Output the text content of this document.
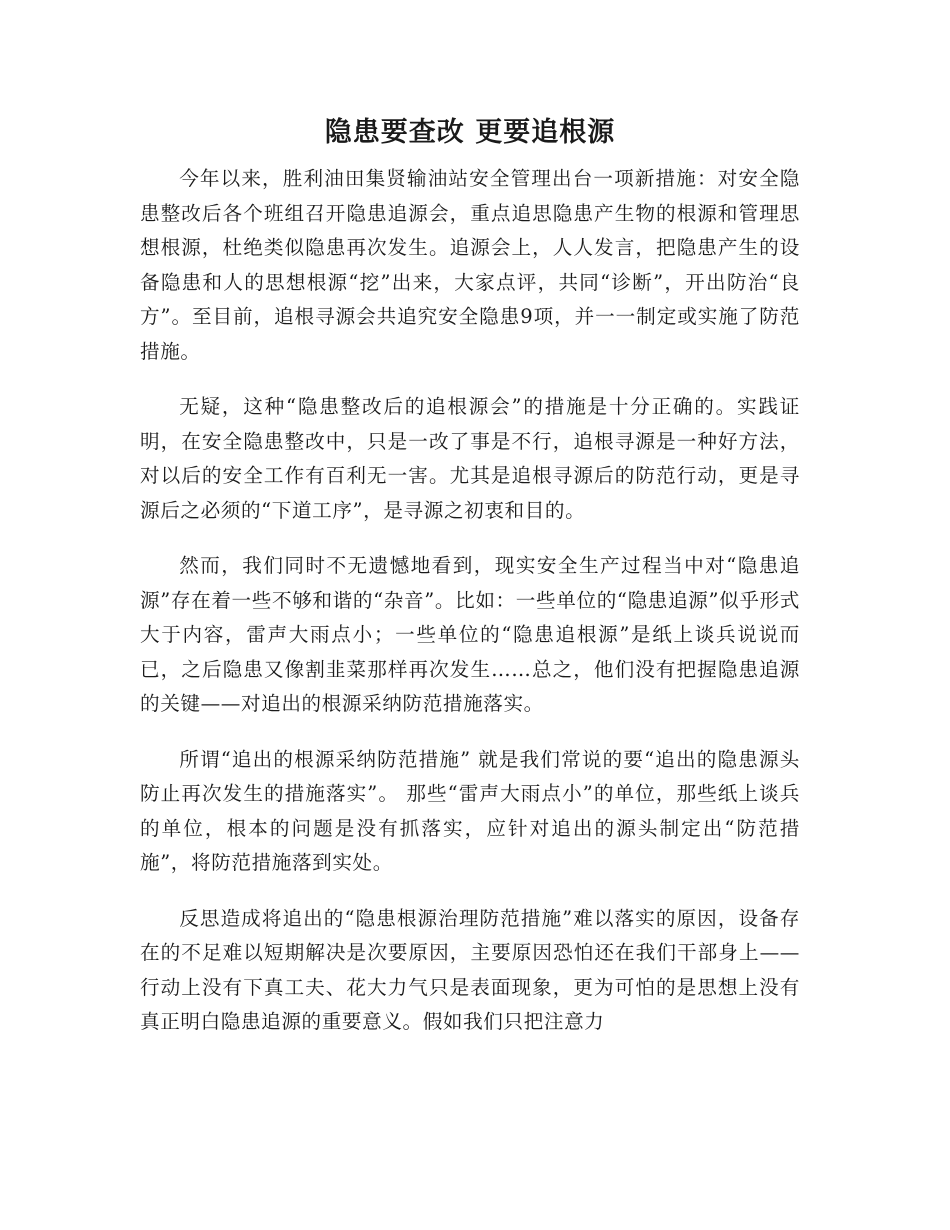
隐患要查改 更要追根源

今年以来，胜利油田集贤输油站安全管理出台一项新措施：对安全隐患整改后各个班组召开隐患追源会，重点追思隐患产生物的根源和管理思想根源，杜绝类似隐患再次发生。追源会上，人人发言，把隐患产生的设备隐患和人的思想根源“挖”出来，大家点评，共同“诊断”，开出防治“良方”。至目前，追根寻源会共追究安全隐患9项，并一一制定或实施了防范措施。

无疑，这种“隐患整改后的追根源会”的措施是十分正确的。实践证明，在安全隐患整改中，只是一改了事是不行，追根寻源是一种好方法，对以后的安全工作有百利无一害。尤其是追根寻源后的防范行动，更是寻源后之必须的“下道工序”，是寻源之初衷和目的。

然而，我们同时不无遗憾地看到，现实安全生产过程当中对“隐患追源”存在着一些不够和谐的“杂音”。比如：一些单位的“隐患追源”似乎形式大于内容，雷声大雨点小；一些单位的“隐患追根源”是纸上谈兵说说而已，之后隐患又像割韭菜那样再次发生……总之，他们没有把握隐患追源的关键——对追出的根源采纳防范措施落实。

所谓“追出的根源采纳防范措施” 就是我们常说的要“追出的隐患源头防止再次发生的措施落实”。 那些“雷声大雨点小”的单位，那些纸上谈兵的单位，根本的问题是没有抓落实，应针对追出的源头制定出“防范措施”，将防范措施落到实处。

反思造成将追出的“隐患根源治理防范措施”难以落实的原因，设备存在的不足难以短期解决是次要原因，主要原因恐怕还在我们干部身上——行动上没有下真工夫、花大力气只是表面现象，更为可怕的是思想上没有真正明白隐患追源的重要意义。假如我们只把注意力
